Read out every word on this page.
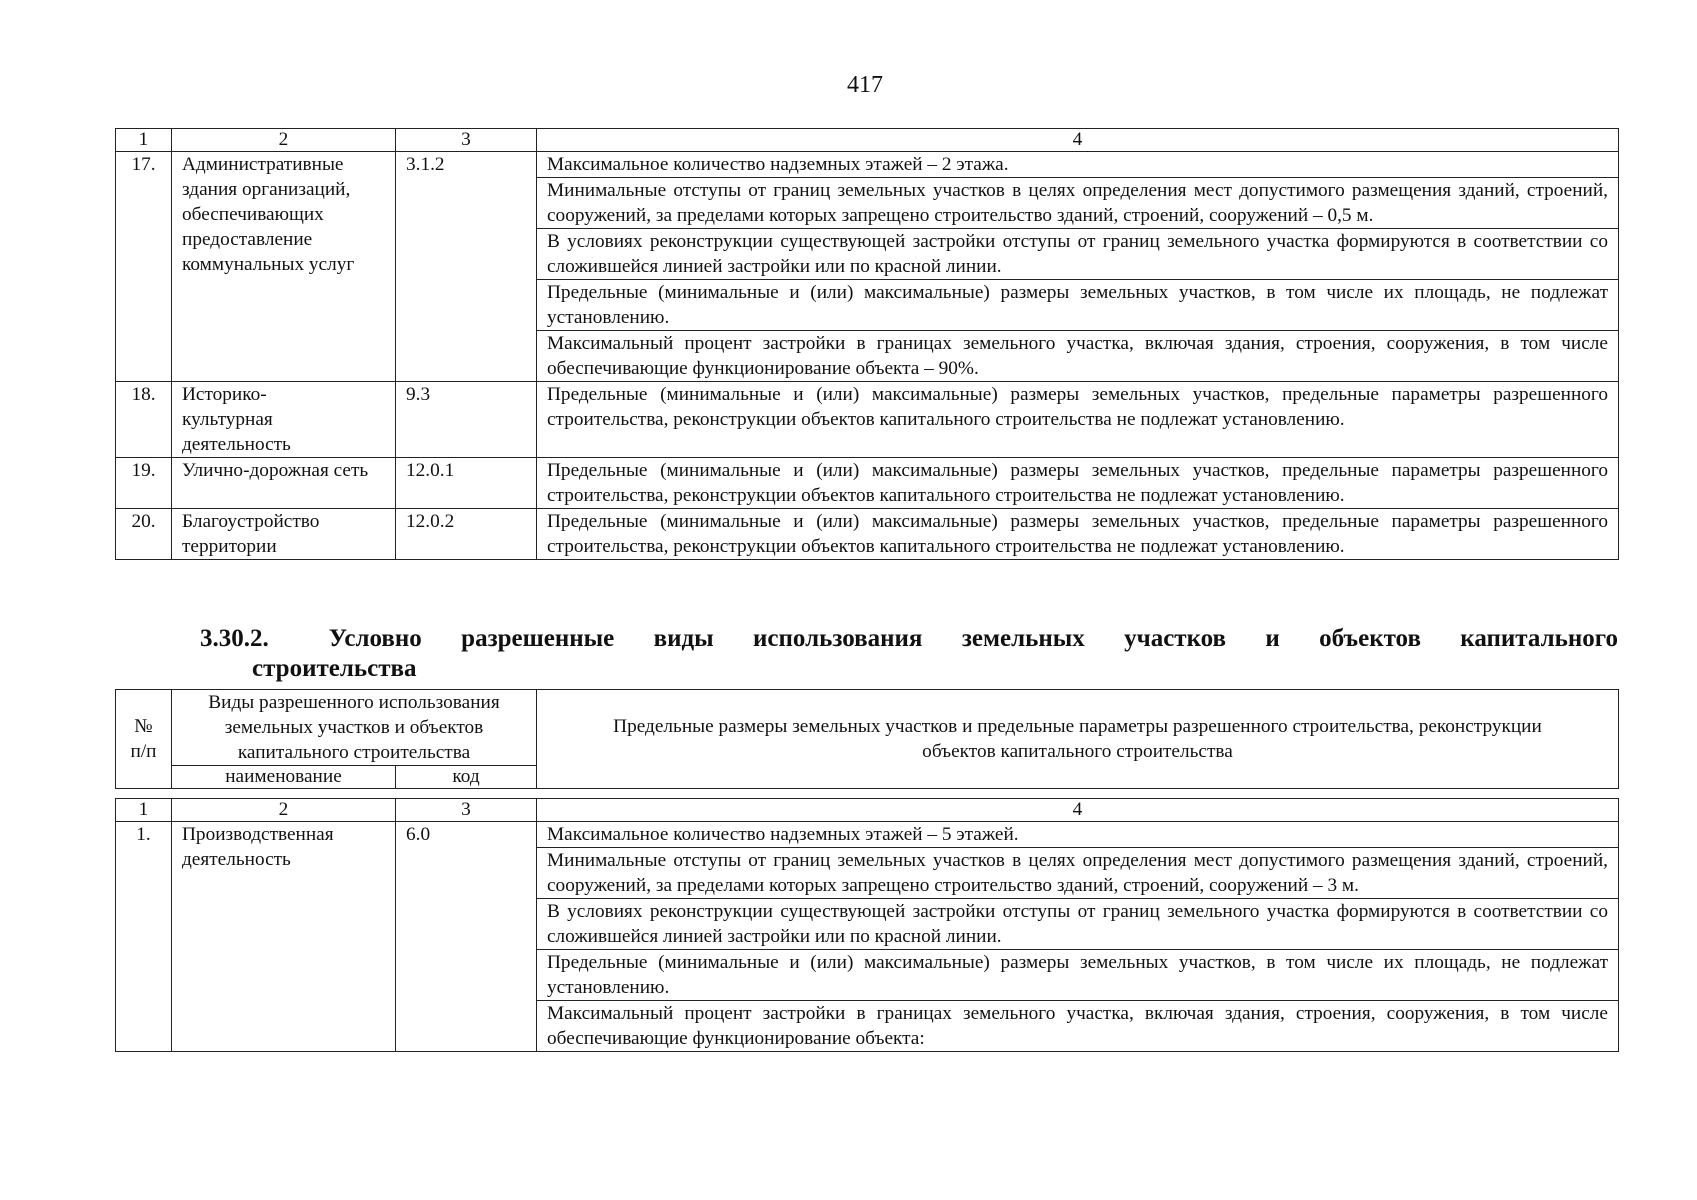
417
1	2	3	4
17.	Административные здания организаций, обеспечивающих предоставление коммунальных услуг	3.1.2	Максимальное количество надземных этажей – 2 этажа.
			Минимальные отступы от границ земельных участков в целях определения мест допустимого размещения зданий, строений, сооружений, за пределами которых запрещено строительство зданий, строений, сооружений – 0,5 м.
			В условиях реконструкции существующей застройки отступы от границ земельного участка формируются в соответствии со сложившейся линией застройки или по красной линии.
			Предельные (минимальные и (или) максимальные) размеры земельных участков, в том числе их площадь, не подлежат установлению.
			Максимальный процент застройки в границах земельного участка, включая здания, строения, сооружения, в том числе обеспечивающие функционирование объекта – 90%.
18.	Историко-культурная деятельность	9.3	Предельные (минимальные и (или) максимальные) размеры земельных участков, предельные параметры разрешенного строительства, реконструкции объектов капитального строительства не подлежат установлению.
19.	Улично-дорожная сеть	12.0.1	Предельные (минимальные и (или) максимальные) размеры земельных участков, предельные параметры разрешенного строительства, реконструкции объектов капитального строительства не подлежат установлению.
20.	Благоустройство территории	12.0.2	Предельные (минимальные и (или) максимальные) размеры земельных участков, предельные параметры разрешенного строительства, реконструкции объектов капитального строительства не подлежат установлению.
3.30.2. Условно разрешенные виды использования земельных участков и объектов капитального
строительства
№ п/п	Виды разрешенного использования земельных участков и объектов капитального строительства		Предельные размеры земельных участков и предельные параметры разрешенного строительства, реконструкции объектов капитального строительства

	наименование	код	
1	2	3	4
1.	Производственная деятельность	6.0	Максимальное количество надземных этажей – 5 этажей.
			Минимальные отступы от границ земельных участков в целях определения мест допустимого размещения зданий, строений, сооружений, за пределами которых запрещено строительство зданий, строений, сооружений – 3 м.
			В условиях реконструкции существующей застройки отступы от границ земельного участка формируются в соответствии со сложившейся линией застройки или по красной линии.
			Предельные (минимальные и (или) максимальные) размеры земельных участков, в том числе их площадь, не подлежат установлению.
			Максимальный процент застройки в границах земельного участка, включая здания, строения, сооружения, в том числе обеспечивающие функционирование объекта:
